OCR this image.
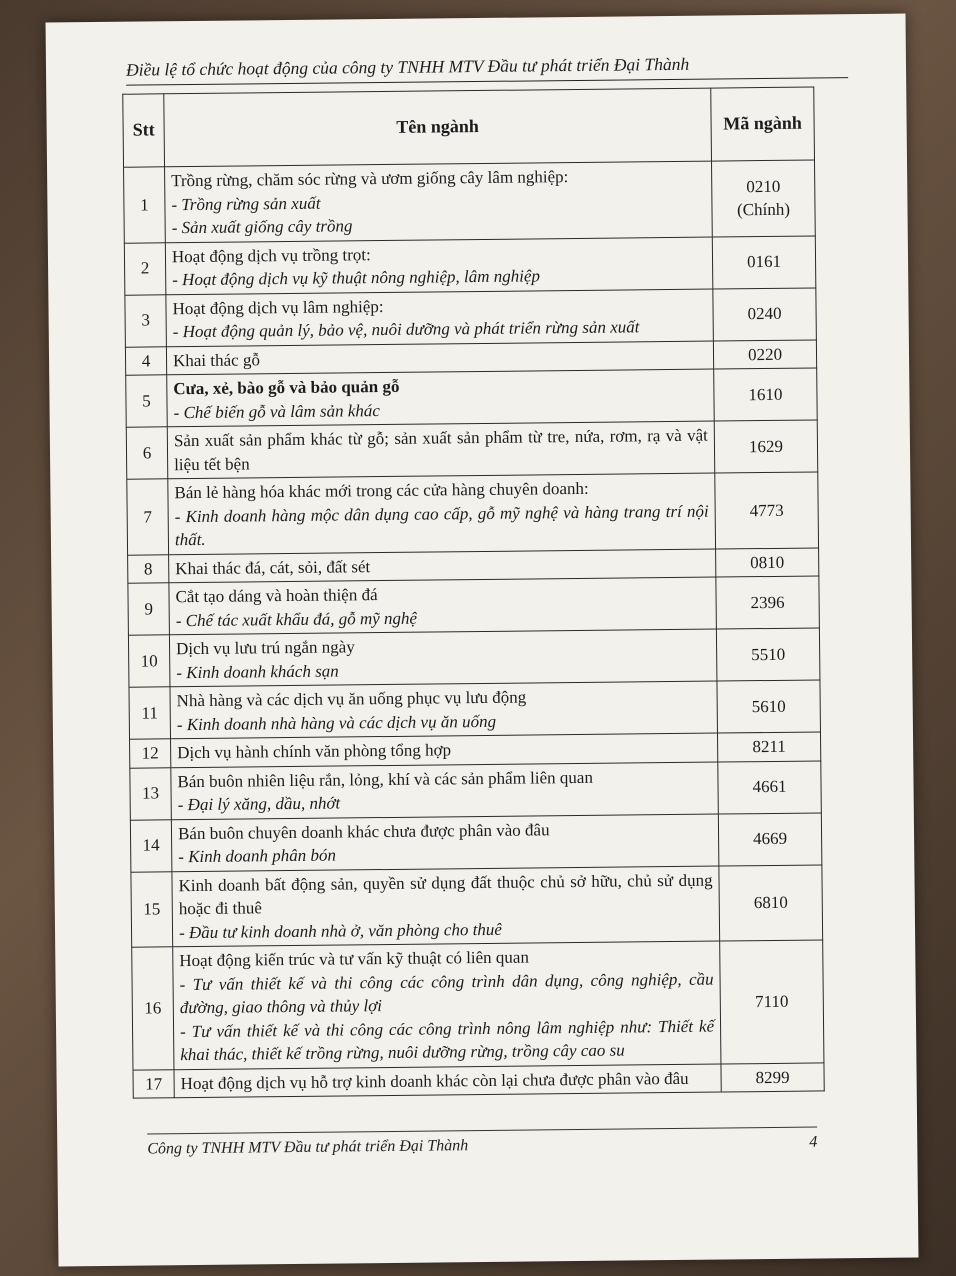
Điều lệ tổ chức hoạt động của công ty TNHH MTV Đầu tư phát triển Đại Thành
Stt	Tên ngành	Mã ngành
1	Trồng rừng, chăm sóc rừng và ươm giống cây lâm nghiệp:
- Trồng rừng sản xuất
- Sản xuất giống cây trồng	0210
(Chính)

2	Hoạt động dịch vụ trồng trọt:
- Hoạt động dịch vụ kỹ thuật nông nghiệp, lâm nghiệp	0161

3	Hoạt động dịch vụ lâm nghiệp:
- Hoạt động quản lý, bảo vệ, nuôi dưỡng và phát triển rừng sản xuất	0240

4	Khai thác gỗ	0220

5	Cưa, xẻ, bào gỗ và bảo quản gỗ
- Chế biến gỗ và lâm sản khác	1610

6	Sản xuất sản phẩm khác từ gỗ; sản xuất sản phẩm từ tre, nứa, rơm, rạ và vật liệu tết bện	1629

7	Bán lẻ hàng hóa khác mới trong các cửa hàng chuyên doanh:
- Kinh doanh hàng mộc dân dụng cao cấp, gỗ mỹ nghệ và hàng trang trí nội thất.	4773

8	Khai thác đá, cát, sỏi, đất sét	0810

9	Cắt tạo dáng và hoàn thiện đá
- Chế tác xuất khẩu đá, gỗ mỹ nghệ	2396

10	Dịch vụ lưu trú ngắn ngày
- Kinh doanh khách sạn	5510

11	Nhà hàng và các dịch vụ ăn uống phục vụ lưu động
- Kinh doanh nhà hàng và các dịch vụ ăn uống	5610

12	Dịch vụ hành chính văn phòng tổng hợp	8211

13	Bán buôn nhiên liệu rắn, lỏng, khí và các sản phẩm liên quan
- Đại lý xăng, dầu, nhớt	4661

14	Bán buôn chuyên doanh khác chưa được phân vào đâu
- Kinh doanh phân bón	4669

15	Kinh doanh bất động sản, quyền sử dụng đất thuộc chủ sở hữu, chủ sử dụng hoặc đi thuê
- Đầu tư kinh doanh nhà ở, văn phòng cho thuê	6810

16	Hoạt động kiến trúc và tư vấn kỹ thuật có liên quan
- Tư vấn thiết kế và thi công các công trình dân dụng, công nghiệp, cầu đường, giao thông và thủy lợi
- Tư vấn thiết kế và thi công các công trình nông lâm nghiệp như: Thiết kế khai thác, thiết kế trồng rừng, nuôi dưỡng rừng, trồng cây cao su	7110

17	Hoạt động dịch vụ hỗ trợ kinh doanh khác còn lại chưa được phân vào đâu	8299
Công ty TNHH MTV Đầu tư phát triển Đại Thành	4
